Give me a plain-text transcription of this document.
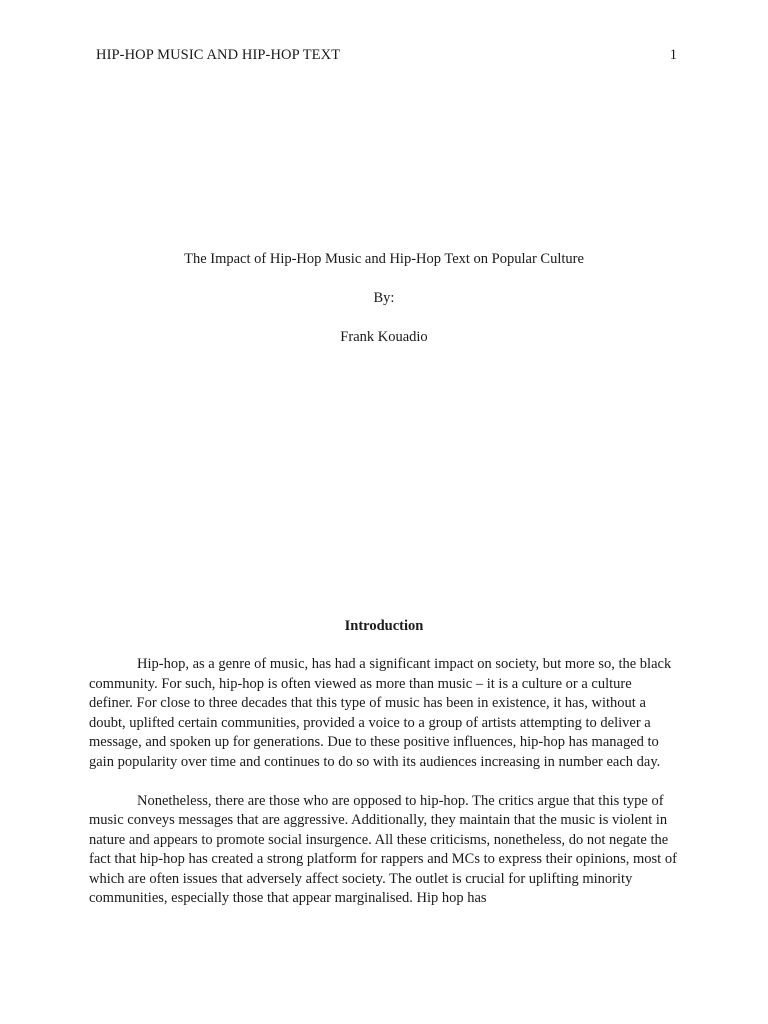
HIP-HOP MUSIC AND HIP-HOP TEXT	1
The Impact of Hip-Hop Music and Hip-Hop Text on Popular Culture
By:
Frank Kouadio
Introduction

Hip-hop, as a genre of music, has had a significant impact on society, but more so, the black community. For such, hip-hop is often viewed as more than music – it is a culture or a culture definer. For close to three decades that this type of music has been in existence, it has, without a doubt, uplifted certain communities, provided a voice to a group of artists attempting to deliver a message, and spoken up for generations. Due to these positive influences, hip-hop has managed to gain popularity over time and continues to do so with its audiences increasing in number each day.

Nonetheless, there are those who are opposed to hip-hop. The critics argue that this type of music conveys messages that are aggressive. Additionally, they maintain that the music is violent in nature and appears to promote social insurgence. All these criticisms, nonetheless, do not negate the fact that hip-hop has created a strong platform for rappers and MCs to express their opinions, most of which are often issues that adversely affect society. The outlet is crucial for uplifting minority communities, especially those that appear marginalised. Hip hop has
